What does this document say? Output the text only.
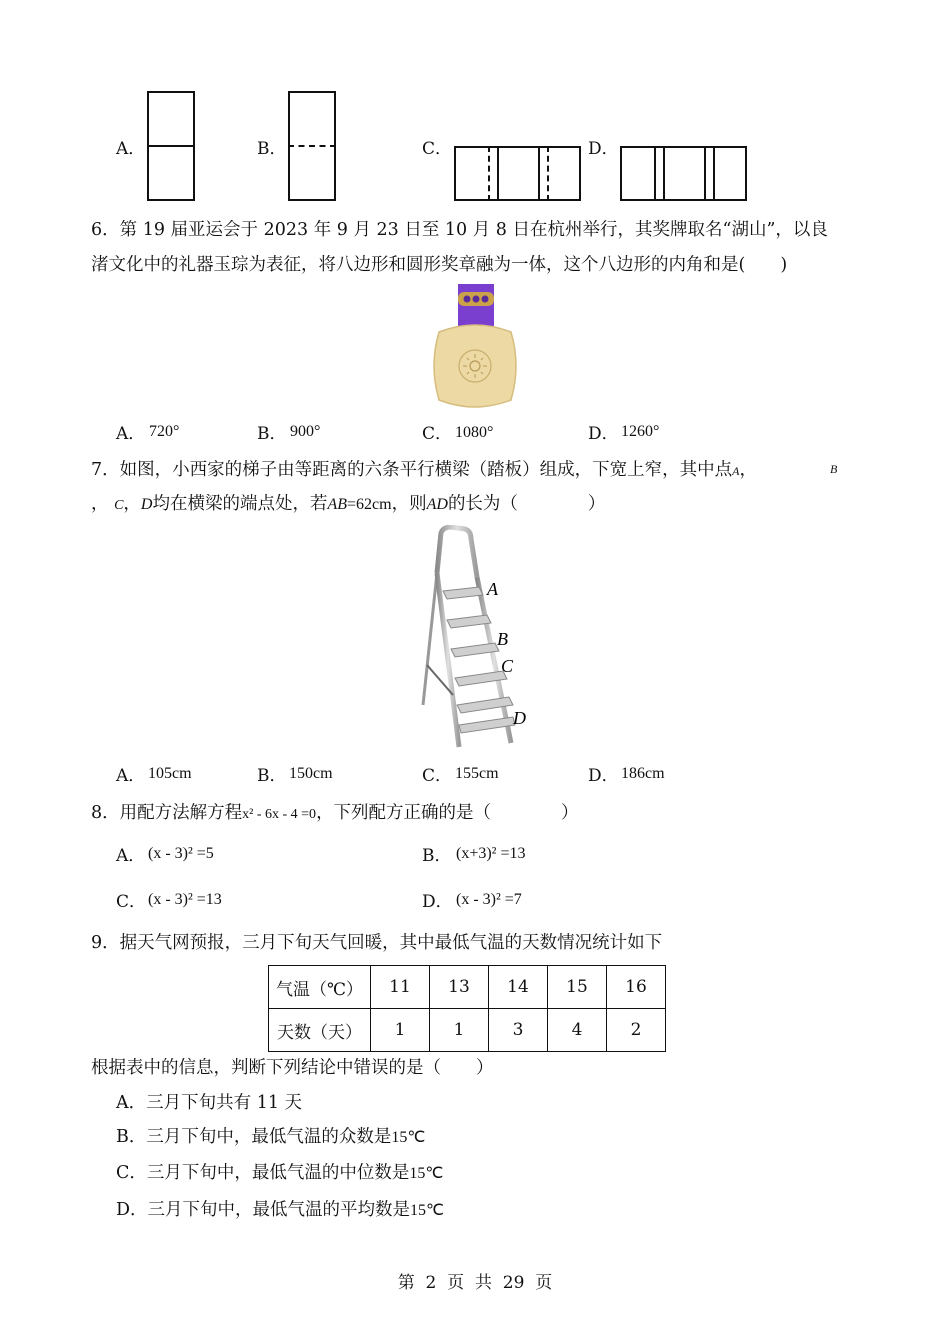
A．	B．	C．	D．
6．第 19 届亚运会于 2023 年 9 月 23 日至 10 月 8 日在杭州举行，其奖牌取名“湖山”，以良
渚文化中的礼器玉琮为表征，将八边形和圆形奖章融为一体，这个八边形的内角和是(　　)
A． 720°	B． 900°	C． 1080°	D． 1260°
7．如图，小西家的梯子由等距离的六条平行横梁（踏板）组成，下宽上窄，其中点A，	B
， C，D均在横梁的端点处，若AB=62cm，则AD的长为（　　　　）
A
B
C
D
A． 105cm	B． 150cm	C． 155cm	D． 186cm
8．用配方法解方程x² - 6x - 4 =0，下列配方正确的是（　　　　）
A． (x - 3)² =5	B． (x+3)² =13
C． (x - 3)² =13	D． (x - 3)² =7
9．据天气网预报，三月下旬天气回暖，其中最低气温的天数情况统计如下
气温（℃）	11	13	14	15	16
天数（天）	1	1	3	4	2
根据表中的信息，判断下列结论中错误的是（　　）
A．三月下旬共有 11 天
B．三月下旬中，最低气温的众数是15℃
C．三月下旬中，最低气温的中位数是15℃
D．三月下旬中，最低气温的平均数是15℃
第  2  页  共  29  页
